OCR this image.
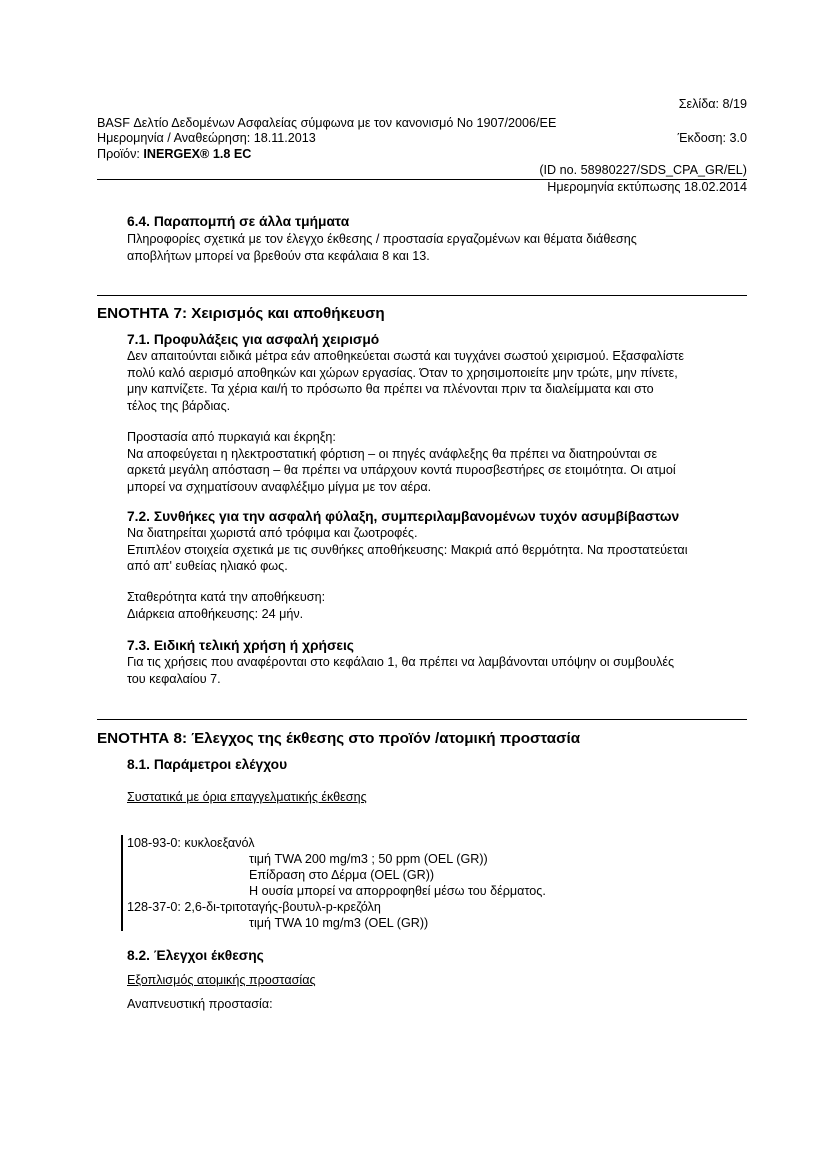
Σελίδα: 8/19
BASF Δελτίο Δεδομένων Ασφαλείας σύμφωνα με τον κανονισμό Νο 1907/2006/ΕΕ
Ημερομηνία / Αναθεώρηση: 18.11.2013	Έκδοση: 3.0
Προϊόν: INERGEX® 1.8 EC
(ID no. 58980227/SDS_CPA_GR/EL)
Ημερομηνία εκτύπωσης 18.02.2014
6.4. Παραπομπή σε άλλα τμήματα
Πληροφορίες σχετικά με τον έλεγχο έκθεσης / προστασία εργαζομένων και θέματα διάθεσης
αποβλήτων μπορεί να βρεθούν στα κεφάλαια 8 και 13.
ΕΝΟΤΗΤΑ 7: Χειρισμός και αποθήκευση
7.1. Προφυλάξεις για ασφαλή χειρισμό
Δεν απαιτούνται ειδικά μέτρα εάν αποθηκεύεται σωστά και τυγχάνει σωστού χειρισμού. Εξασφαλίστε
πολύ καλό αερισμό αποθηκών και χώρων εργασίας. Όταν το χρησιμοποιείτε μην τρώτε, μην πίνετε,
μην καπνίζετε. Τα χέρια και/ή το πρόσωπο θα πρέπει να πλένονται πριν τα διαλείμματα και στο
τέλος της βάρδιας.
Προστασία από πυρκαγιά και έκρηξη:
Να αποφεύγεται η ηλεκτροστατική φόρτιση – οι πηγές ανάφλεξης θα πρέπει να διατηρούνται σε
αρκετά μεγάλη απόσταση – θα πρέπει να υπάρχουν κοντά πυροσβεστήρες σε ετοιμότητα. Οι ατμοί
μπορεί να σχηματίσουν αναφλέξιμο μίγμα με τον αέρα.
7.2. Συνθήκες για την ασφαλή φύλαξη, συμπεριλαμβανομένων τυχόν ασυμβίβαστων
Να διατηρείται χωριστά από τρόφιμα και ζωοτροφές.
Επιπλέον στοιχεία σχετικά με τις συνθήκες αποθήκευσης: Μακριά από θερμότητα. Να προστατεύεται
από απ' ευθείας ηλιακό φως.
Σταθερότητα κατά την αποθήκευση:
Διάρκεια αποθήκευσης: 24 μήν.
7.3. Ειδική τελική χρήση ή χρήσεις
Για τις χρήσεις που αναφέρονται στο κεφάλαιο 1, θα πρέπει να λαμβάνονται υπόψην οι συμβουλές
του κεφαλαίου 7.
ΕΝΟΤΗΤΑ 8: Έλεγχος της έκθεσης στο προϊόν /ατομική προστασία
8.1. Παράμετροι ελέγχου
Συστατικά με όρια επαγγελματικής έκθεσης
108-93-0: κυκλοεξανόλ
τιμή TWA 200 mg/m3 ; 50 ppm (OEL (GR))
Επίδραση στο Δέρμα (OEL (GR))
Η ουσία μπορεί να απορροφηθεί μέσω του δέρματος.
128-37-0: 2,6-δι-τριτοταγής-βουτυλ-p-κρεζόλη
τιμή TWA 10 mg/m3 (OEL (GR))
8.2. Έλεγχοι έκθεσης
Εξοπλισμός ατομικής προστασίας
Αναπνευστική προστασία:
